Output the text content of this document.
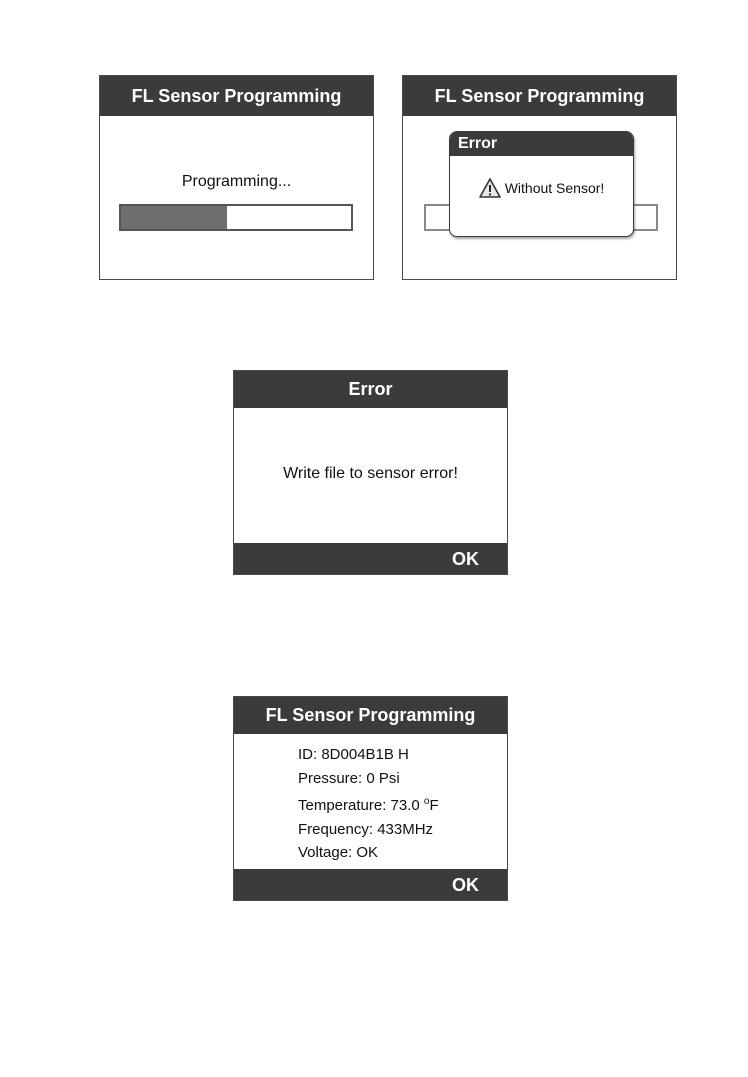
FL Sensor Programming
Programming...
FL Sensor Programming
Error
Without Sensor!
Error
Write file to sensor error!
OK
FL Sensor Programming
ID: 8D004B1B H
Pressure: 0 Psi
Temperature: 73.0 $^o$F
Frequency: 433MHz
Voltage: OK
OK
